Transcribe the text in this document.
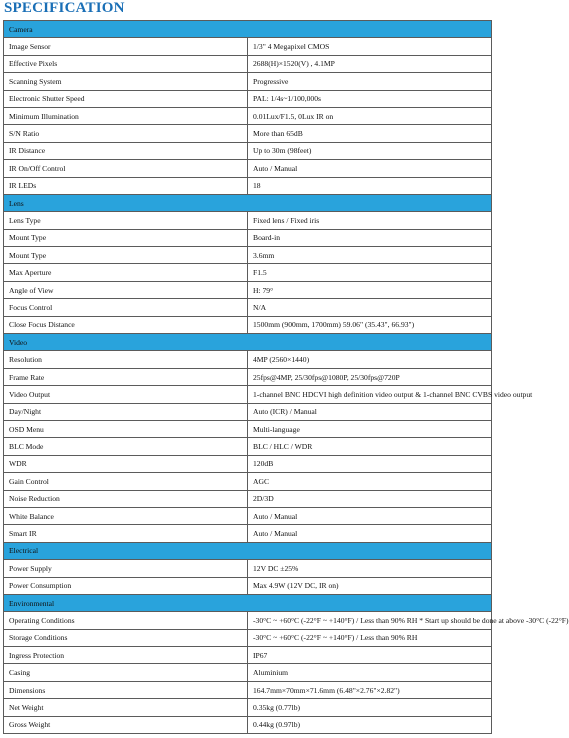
SPECIFICATION
Camera	
Image Sensor	1/3" 4 Megapixel CMOS
Effective Pixels	2688(H)×1520(V) , 4.1MP
Scanning System	Progressive
Electronic Shutter Speed	PAL: 1/4s~1/100,000s
Minimum Illumination	0.01Lux/F1.5, 0Lux IR on
S/N Ratio	More than 65dB
IR Distance	Up to 30m (98feet)
IR On/Off Control	Auto / Manual
IR LEDs	18
Lens	
Lens Type	Fixed lens / Fixed iris
Mount Type	Board-in
Mount Type	3.6mm
Max Aperture	F1.5
Angle of View	H: 79°
Focus Control	N/A
Close Focus Distance	1500mm (900mm, 1700mm) 59.06" (35.43", 66.93")
Video	
Resolution	4MP (2560×1440)
Frame Rate	25fps@4MP, 25/30fps@1080P, 25/30fps@720P
Video Output	1-channel BNC HDCVI high definition video output & 1-channel BNC CVBS video output
Day/Night	Auto (ICR) / Manual
OSD Menu	Multi-language
BLC Mode	BLC / HLC / WDR
WDR	120dB
Gain Control	AGC
Noise Reduction	2D/3D
White Balance	Auto / Manual
Smart IR	Auto / Manual
Electrical	
Power Supply	12V DC ±25%
Power Consumption	Max 4.9W (12V DC, IR on)
Environmental	
Operating Conditions	-30°C ~ +60°C (-22°F ~ +140°F) / Less than 90% RH * Start up should be done at above -30°C (-22°F)
Storage Conditions	-30°C ~ +60°C (-22°F ~ +140°F) / Less than 90% RH
Ingress Protection	IP67
Casing	Aluminium
Dimensions	164.7mm×70mm×71.6mm (6.48"×2.76"×2.82")
Net Weight	0.35kg (0.77lb)
Gross Weight	0.44kg (0.97lb)
